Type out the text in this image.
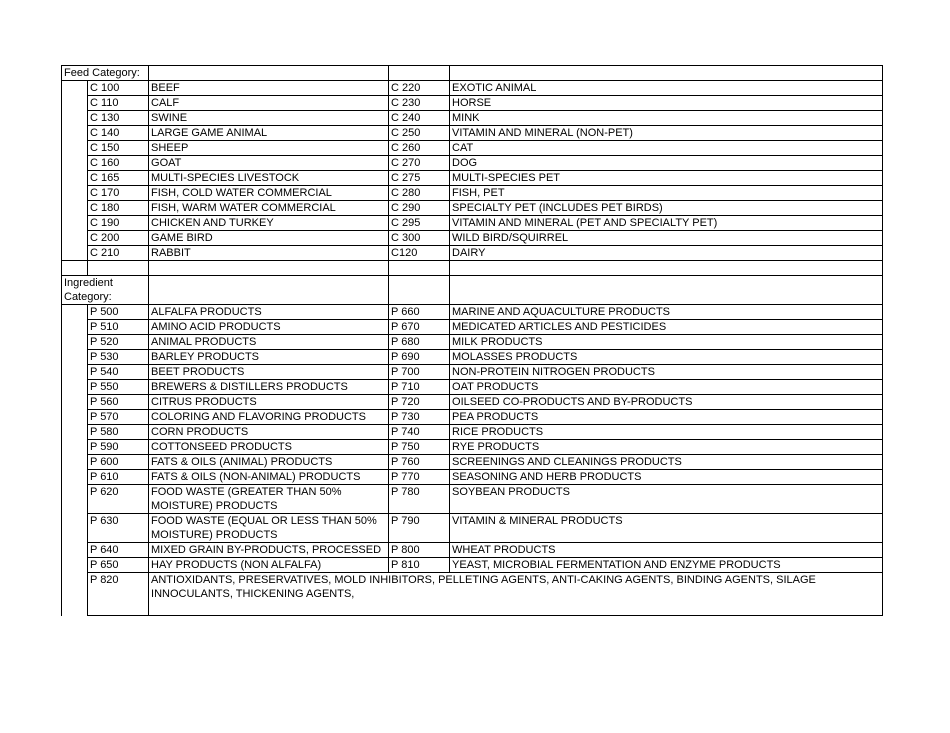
Feed Category:				
	C 100	BEEF	C 220	EXOTIC ANIMAL
	C 110	CALF	C 230	HORSE
	C 130	SWINE	C 240	MINK
	C 140	LARGE GAME ANIMAL	C 250	VITAMIN AND MINERAL (NON-PET)
	C 150	SHEEP	C 260	CAT
	C 160	GOAT	C 270	DOG
	C 165	MULTI-SPECIES LIVESTOCK	C 275	MULTI-SPECIES PET
	C 170	FISH, COLD WATER COMMERCIAL	C 280	FISH, PET
	C 180	FISH, WARM WATER COMMERCIAL	C 290	SPECIALTY PET (INCLUDES PET BIRDS)
	C 190	CHICKEN AND TURKEY	C 295	VITAMIN AND MINERAL (PET AND SPECIALTY PET)
	C 200	GAME BIRD	C 300	WILD BIRD/SQUIRREL
	C 210	RABBIT	C120	DAIRY

Ingredient Category:				
	P 500	ALFALFA PRODUCTS	P 660	MARINE AND AQUACULTURE PRODUCTS
	P 510	AMINO ACID PRODUCTS	P 670	MEDICATED ARTICLES AND PESTICIDES
	P 520	ANIMAL PRODUCTS	P 680	MILK PRODUCTS
	P 530	BARLEY PRODUCTS	P 690	MOLASSES PRODUCTS
	P 540	BEET PRODUCTS	P 700	NON-PROTEIN NITROGEN PRODUCTS
	P 550	BREWERS & DISTILLERS PRODUCTS	P 710	OAT PRODUCTS
	P 560	CITRUS PRODUCTS	P 720	OILSEED CO-PRODUCTS AND BY-PRODUCTS
	P 570	COLORING AND FLAVORING PRODUCTS	P 730	PEA PRODUCTS
	P 580	CORN PRODUCTS	P 740	RICE PRODUCTS
	P 590	COTTONSEED PRODUCTS	P 750	RYE PRODUCTS
	P 600	FATS & OILS (ANIMAL) PRODUCTS	P 760	SCREENINGS AND CLEANINGS PRODUCTS
	P 610	FATS & OILS (NON-ANIMAL) PRODUCTS	P 770	SEASONING AND HERB PRODUCTS
	P 620	FOOD WASTE (GREATER THAN 50% MOISTURE) PRODUCTS	P 780	SOYBEAN PRODUCTS
	P 630	FOOD WASTE (EQUAL OR LESS THAN 50% MOISTURE) PRODUCTS	P 790	VITAMIN & MINERAL PRODUCTS
	P 640	MIXED GRAIN BY-PRODUCTS, PROCESSED	P 800	WHEAT PRODUCTS
	P 650	HAY PRODUCTS (NON ALFALFA)	P 810	YEAST, MICROBIAL FERMENTATION AND ENZYME PRODUCTS
	P 820	ANTIOXIDANTS, PRESERVATIVES, MOLD INHIBITORS, PELLETING AGENTS, ANTI-CAKING AGENTS, BINDING AGENTS, SILAGE INNOCULANTS, THICKENING AGENTS,		
